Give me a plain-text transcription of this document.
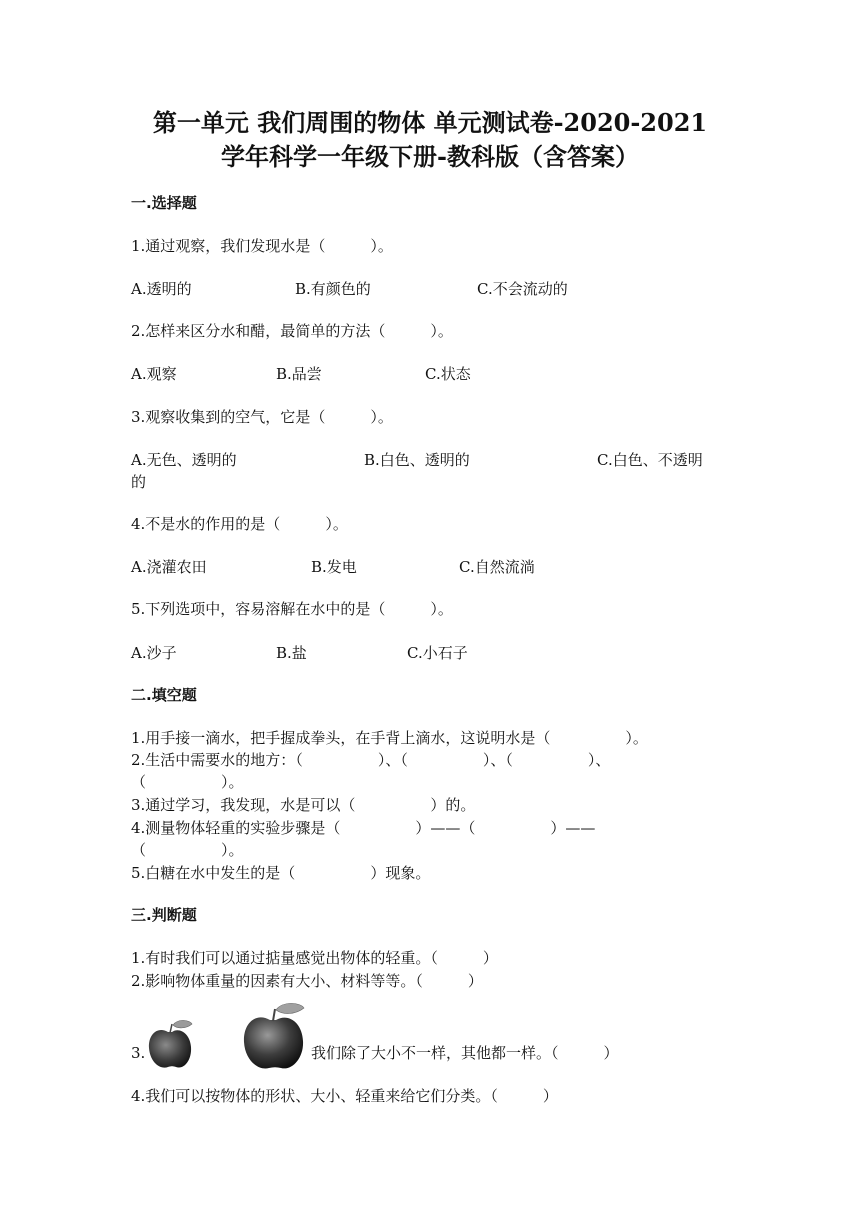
第一单元 我们周围的物体 单元测试卷-2020-2021
学年科学一年级下册-教科版（含答案）
一.选择题
1.通过观察，我们发现水是（　　　）。
A.透明的	B.有颜色的	C.不会流动的
2.怎样来区分水和醋，最简单的方法（　　　）。
A.观察	B.品尝	C.状态
3.观察收集到的空气，它是（　　　）。
A.无色、透明的	B.白色、透明的	C.白色、不透明
的
4.不是水的作用的是（　　　）。
A.浇灌农田	B.发电	C.自然流淌
5.下列选项中，容易溶解在水中的是（　　　）。
A.沙子	B.盐	C.小石子
二.填空题
1.用手接一滴水，把手握成拳头，在手背上滴水，这说明水是（　　　　　）。
2.生活中需要水的地方：（　　　　　）、（　　　　　）、（　　　　　）、
（　　　　　）。
3.通过学习，我发现，水是可以（　　　　　）的。
4.测量物体轻重的实验步骤是（　　　　　）——（　　　　　）——
（　　　　　）。
5.白糖在水中发生的是（　　　　　）现象。
三.判断题
1.有时我们可以通过掂量感觉出物体的轻重。（　　　）
2.影响物体重量的因素有大小、材料等等。（　　　）
3.	我们除了大小不一样，其他都一样。（　　　）
4.我们可以按物体的形状、大小、轻重来给它们分类。（　　　）
